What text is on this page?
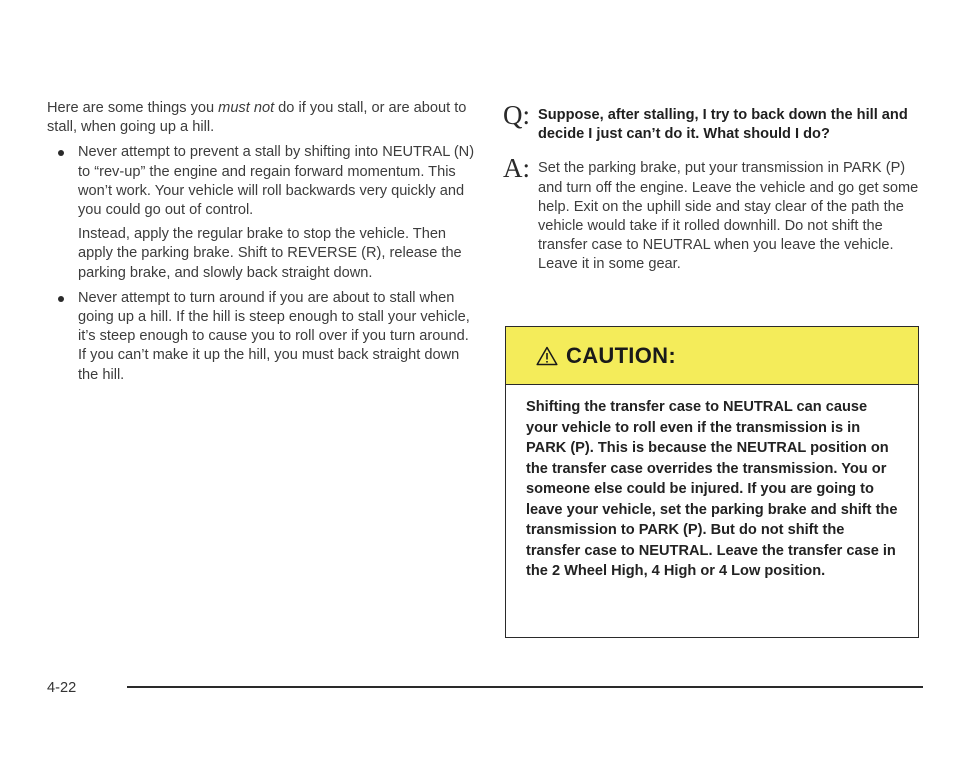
Here are some things you must not do if you stall, or are about to stall, when going up a hill.

Never attempt to prevent a stall by shifting into NEUTRAL (N) to “rev-up” the engine and regain forward momentum. This won’t work. Your vehicle will roll backwards very quickly and you could go out of control.

Instead, apply the regular brake to stop the vehicle. Then apply the parking brake. Shift to REVERSE (R), release the parking brake, and slowly back straight down.

Never attempt to turn around if you are about to stall when going up a hill. If the hill is steep enough to stall your vehicle, it’s steep enough to cause you to roll over if you turn around. If you can’t make it up the hill, you must back straight down the hill.

Q: Suppose, after stalling, I try to back down the hill and decide I just can’t do it. What should I do?
A: Set the parking brake, put your transmission in PARK (P) and turn off the engine. Leave the vehicle and go get some help. Exit on the uphill side and stay clear of the path the vehicle would take if it rolled downhill. Do not shift the transfer case to NEUTRAL when you leave the vehicle. Leave it in some gear.
CAUTION:
Shifting the transfer case to NEUTRAL can cause your vehicle to roll even if the transmission is in PARK (P). This is because the NEUTRAL position on the transfer case overrides the transmission. You or someone else could be injured. If you are going to leave your vehicle, set the parking brake and shift the transmission to PARK (P). But do not shift the transfer case to NEUTRAL. Leave the transfer case in the 2 Wheel High, 4 High or 4 Low position.
4-22
